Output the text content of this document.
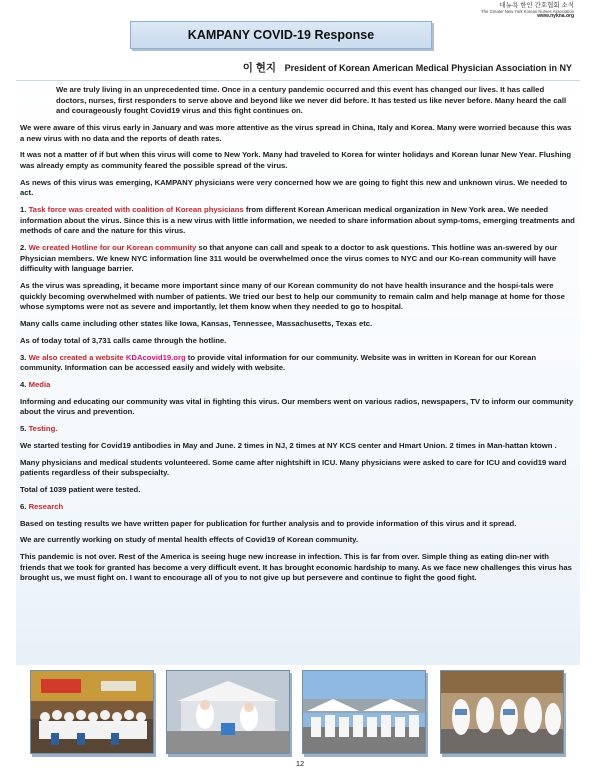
대뉴욕 한인 간호협회 소식
The Greater New York Korean Nurses Association
www.nykna.org
KAMPANY COVID-19 Response
이 현지 President of Korean American Medical Physician Association in NY

We are truly living in an unprecedented time. Once in a century pandemic occurred and this event has changed our lives. It has called doctors, nurses, first responders to serve above and beyond like we never did before. It has tested us like never before. Many heard the call and courageously fought Covid19 virus and this fight continues on.

We were aware of this virus early in January and was more attentive as the virus spread in China, Italy and Korea. Many were worried because this was a new virus with no data and the reports of death rates.

It was not a matter of if but when this virus will come to New York. Many had traveled to Korea for winter holidays and Korean lunar New Year. Flushing was already empty as community feared the possible spread of the virus.

As news of this virus was emerging, KAMPANY physicians were very concerned how we are going to fight this new and unknown virus. We needed to act.

1. Task force was created with coalition of Korean physicians from different Korean American medical organization in New York area. We needed information about the virus. Since this is a new virus with little information, we needed to share information about symp-toms, emerging treatments and methods of care and the nature for this virus.

2. We created Hotline for our Korean community so that anyone can call and speak to a doctor to ask questions. This hotline was an-swered by our Physician members. We knew NYC information line 311 would be overwhelmed once the virus comes to NYC and our Ko-rean community will have difficulty with language barrier.

As the virus was spreading, it became more important since many of our Korean community do not have health insurance and the hospi-tals were quickly becoming overwhelmed with number of patients. We tried our best to help our community to remain calm and help manage at home for those whose symptoms were not as severe and importantly, let them know when they needed to go to hospital.

Many calls came including other states like Iowa, Kansas, Tennessee, Massachusetts, Texas etc.

As of today total of 3,731 calls came through the hotline.

3. We also created a website KDAcovid19.org to provide vital information for our community. Website was in written in Korean for our Korean community. Information can be accessed easily and widely with website.

4. Media

Informing and educating our community was vital in fighting this virus. Our members went on various radios, newspapers, TV to inform our community about the virus and prevention.

5. Testing.

We started testing for Covid19 antibodies in May and June. 2 times in NJ, 2 times at NY KCS center and Hmart Union. 2 times in Man-hattan ktown .

Many physicians and medical students volunteered. Some came after nightshift in ICU. Many physicians were asked to care for ICU and covid19 ward patients regardless of their subspecialty.

Total of 1039 patient were tested.

6. Research

Based on testing results we have written paper for publication for further analysis and to provide information of this virus and it spread.

We are currently working on study of mental health effects of Covid19 of Korean community.

This pandemic is not over. Rest of the America is seeing huge new increase in infection. This is far from over. Simple thing as eating din-ner with friends that we took for granted has become a very difficult event. It has brought economic hardship to many. As we face new challenges this virus has brought us, we must fight on. I want to encourage all of you to not give up but persevere and continue to fight the good fight.

12
